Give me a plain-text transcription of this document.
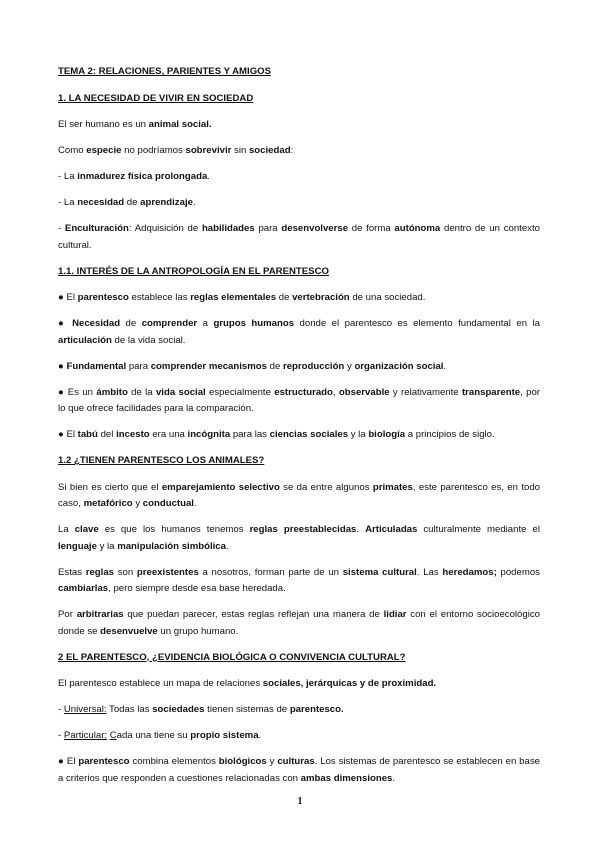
TEMA 2: RELACIONES, PARIENTES Y AMIGOS
1. LA NECESIDAD DE VIVIR EN SOCIEDAD

El ser humano es un animal social.

Como especie no podríamos sobrevivir sin sociedad:

- La inmadurez física prolongada.

- La necesidad de aprendizaje.

- Enculturación: Adquisición de habilidades para desenvolverse de forma autónoma dentro de un contexto cultural.

1.1. INTERÉS DE LA ANTROPOLOGÍA EN EL PARENTESCO

● El parentesco establece las reglas elementales de vertebración de una sociedad.

● Necesidad de comprender a grupos humanos donde el parentesco es elemento fundamental en la articulación de la vida social.

● Fundamental para comprender mecanismos de reproducción y organización social.

● Es un ámbito de la vida social especialmente estructurado, observable y relativamente transparente, por lo que ofrece facilidades para la comparación.

● El tabú del incesto era una incógnita para las ciencias sociales y la biología a principios de siglo.

1.2 ¿TIENEN PARENTESCO LOS ANIMALES?

Si bien es cierto que el emparejamiento selectivo se da entre algunos primates, este parentesco es, en todo caso, metafórico y conductual.

La clave es que los humanos tenemos reglas preestablecidas. Articuladas culturalmente mediante el lenguaje y la manipulación simbólica.

Estas reglas son preexistentes a nosotros, forman parte de un sistema cultural. Las heredamos; podemos cambiarlas, pero siempre desde esa base heredada.

Por arbitrarias que puedan parecer, estas reglas reflejan una manera de lidiar con el entorno socioecológico donde se desenvuelve un grupo humano.

2 EL PARENTESCO, ¿EVIDENCIA BIOLÓGICA O CONVIVENCIA CULTURAL?

El parentesco establece un mapa de relaciones sociales, jerárquicas y de proximidad.

- Universal: Todas las sociedades tienen sistemas de parentesco.

- Particular: Cada una tiene su propio sistema.

● El parentesco combina elementos biológicos y culturas. Los sistemas de parentesco se establecen en base a criterios que responden a cuestiones relacionadas con ambas dimensiones.

1
